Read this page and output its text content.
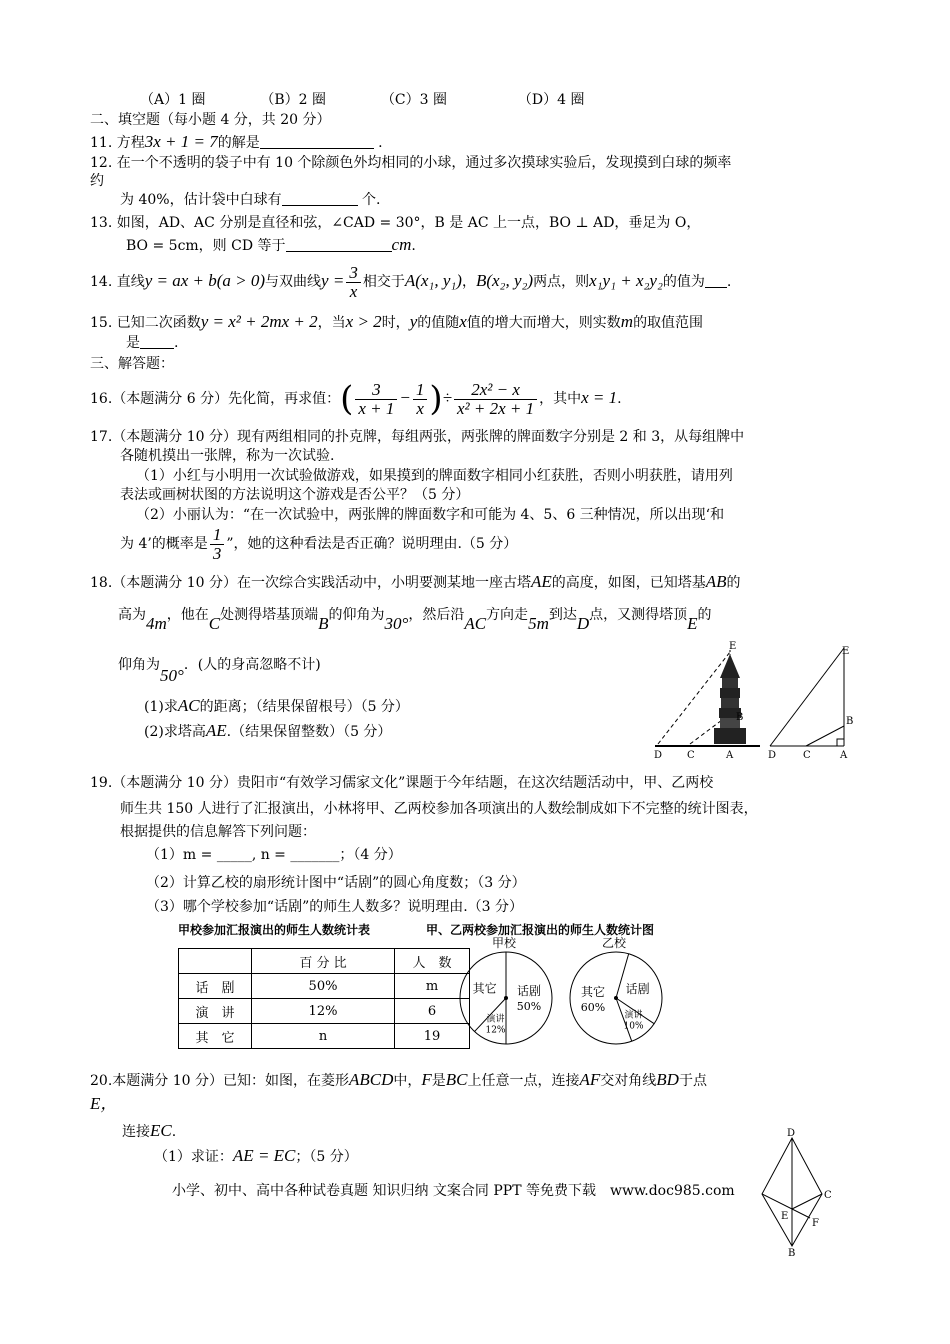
（A）1 圈	（B）2 圈	（C）3 圈	（D）4 圈
二、填空题（每小题 4 分，共 20 分）
11. 方程3x + 1 = 7的解是	.
12. 在一个不透明的袋子中有 10 个除颜色外均相同的小球，通过多次摸球实验后，发现摸到白球的频率
约
为 40%，估计袋中白球有	个.
13. 如图，AD、AC 分别是直径和弦，∠CAD = 30°，B 是 AC 上一点，BO ⊥ AD，垂足为 O，
BO = 5cm，则 CD 等于	cm.
14. 直线y = ax + b(a > 0)与双曲线$y = \frac{3}{x}$ 相交于A(x₁, y₁)，B(x₂, y₂)两点，则x₁y₁ + x₂y₂的值为 .
15. 已知二次函数y = x² + 2mx + 2，当x > 2时，y的值随x值的增大而增大，则实数m的取值范围
是 .
三、解答题：
16.（本题满分 6 分）先化简，再求值：( $\frac{3}{x + 1} - \frac{1}{x}$ )÷ $\frac{\text{2x² − x}}{\text{x² + 2x + 1}}$ ，其中x = 1.
17.（本题满分 10 分）现有两组相同的扑克牌，每组两张，两张牌的牌面数字分别是 2 和 3，从每组牌中
各随机摸出一张牌，称为一次试验.
（1）小红与小明用一次试验做游戏，如果摸到的牌面数字相同小红获胜，否则小明获胜，请用列
表法或画树状图的方法说明这个游戏是否公平？（5 分）
（2）小丽认为：“在一次试验中，两张牌的牌面数字和可能为 4、5、6 三种情况，所以出现‘和
为 4’的概率是 $\frac{1}{3}$ ”，她的这种看法是否正确？说明理由.（5 分）
18.（本题满分 10 分）在一次综合实践活动中，小明要测某地一座古塔AE的高度，如图，已知塔基AB的
高为4m，他在C处测得塔基顶端B的仰角为30°，然后沿AC方向走5m到达D点，又测得塔顶E的
仰角为50°．(人的身高忽略不计)
(1)求AC的距离；（结果保留根号）（5 分）
(2)求塔高AE.（结果保留整数）（5 分）
E
B
D C	A
E
B
D	C	A
19.（本题满分 10 分）贵阳市“有效学习儒家文化”课题于今年结题，在这次结题活动中，甲、乙两校
师生共 150 人进行了汇报演出，小林将甲、乙两校参加各项演出的人数绘制成如下不完整的统计图表，
根据提供的信息解答下列问题：
（1）m = _____, n = _______；（4 分）
（2）计算乙校的扇形统计图中“话剧”的圆心角度数；（3 分）
（3）哪个学校参加“话剧”的师生人数多？说明理由.（3 分）
甲校参加汇报演出的师生人数统计表	甲、乙两校参加汇报演出的师生人数统计图
	百 分 比	人　数
话　剧	50%	m
演　讲	12%	6
其　它	n	19
甲校
话剧
50%
演讲
12%
其它
乙校
话剧
演讲
10%
其它
60%
20.本题满分 10 分）已知：如图，在菱形ABCD中，F是BC上任意一点，连接AF交对角线BD于点
E，
连接EC.
（1）求证：AE = EC；（5 分）
D
C
E
F
B
小学、初中、高中各种试卷真题 知识归纳 文案合同 PPT 等免费下载　www.doc985.com
